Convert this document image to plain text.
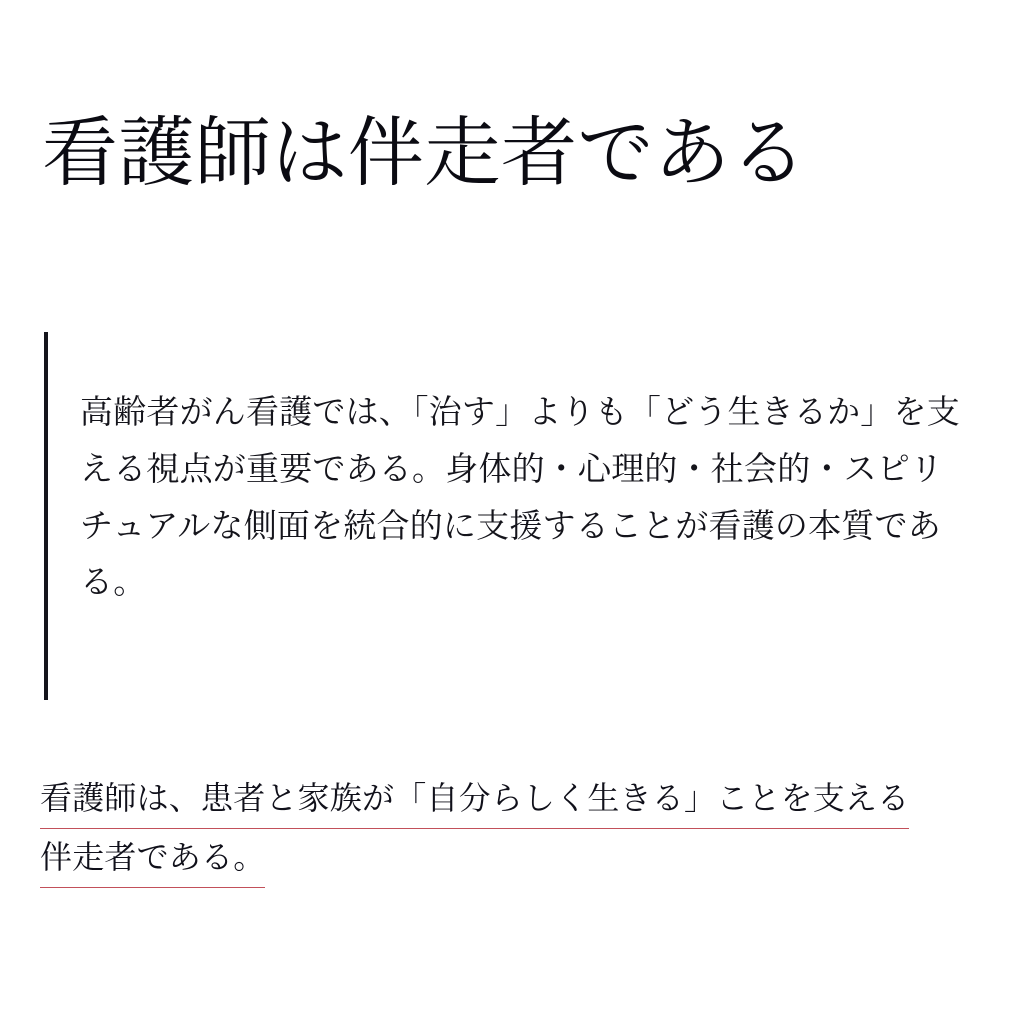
看護師は伴走者である
高齢者がん看護では、「治す」よりも「どう生きるか」を支える視点が重要である。身体的・心理的・社会的・スピリチュアルな側面を統合的に支援することが看護の本質である。
看護師は、患者と家族が「自分らしく生きる」ことを支える
伴走者である。
